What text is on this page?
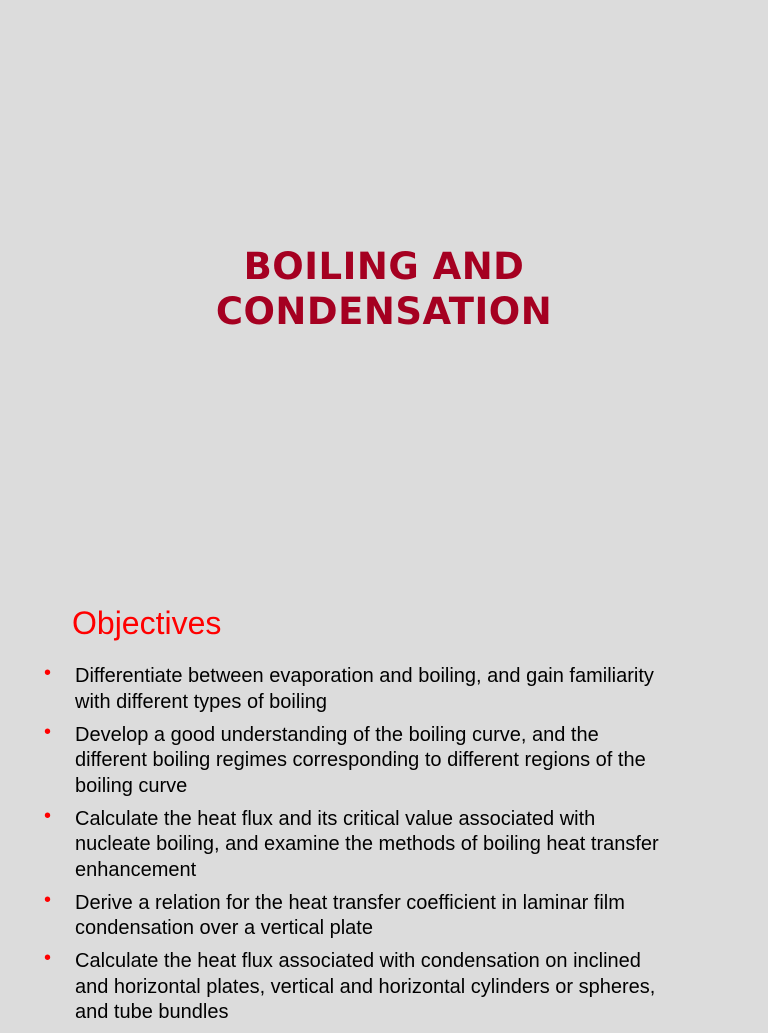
BOILING AND
CONDENSATION
Objectives
• Differentiate between evaporation and boiling, and gain familiarity with different types of boiling
• Develop a good understanding of the boiling curve, and the different boiling regimes corresponding to different regions of the boiling curve
• Calculate the heat flux and its critical value associated with nucleate boiling, and examine the methods of boiling heat transfer enhancement
• Derive a relation for the heat transfer coefficient in laminar film condensation over a vertical plate
• Calculate the heat flux associated with condensation on inclined and horizontal plates, vertical and horizontal cylinders or spheres, and tube bundles
